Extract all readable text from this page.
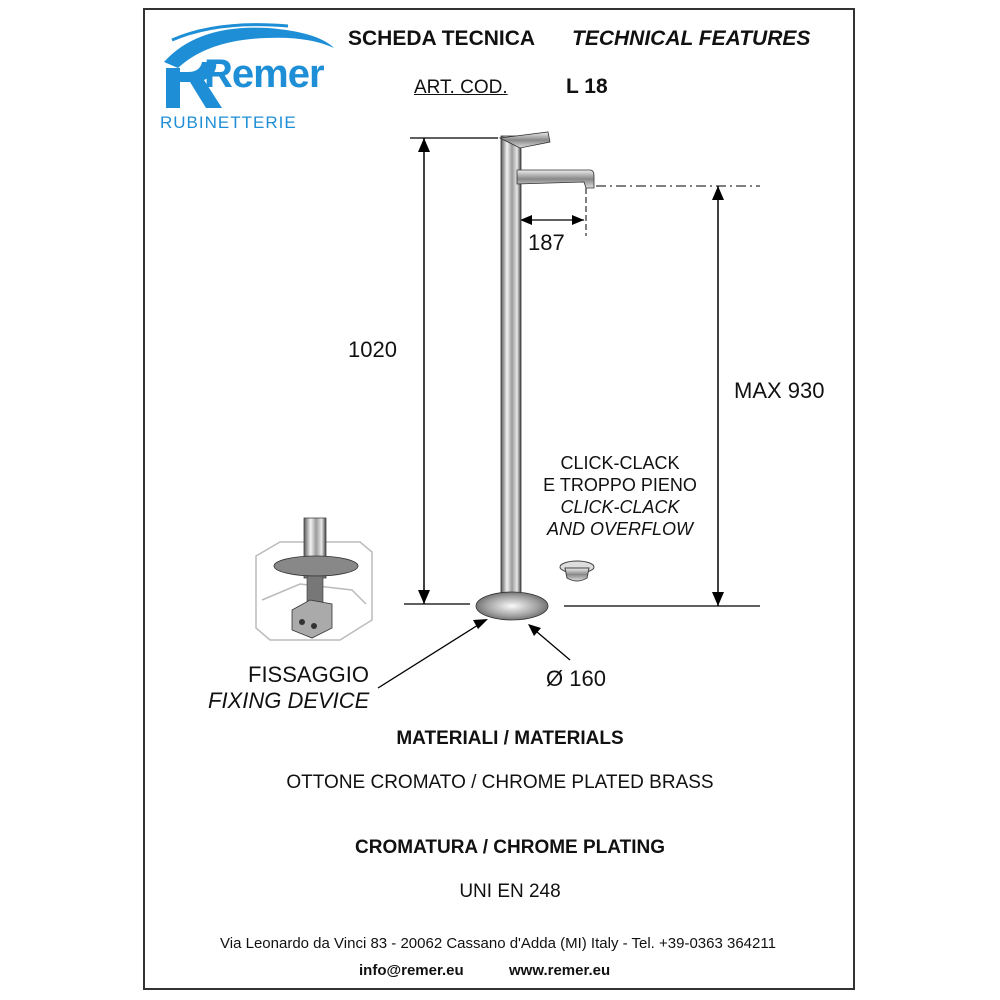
Remer
RUBINETTERIE
SCHEDA TECNICA TECHNICAL FEATURES
ART. COD.	L 18
1020
187
MAX 930
Ø 160
CLICK-CLACK
E TROPPO PIENO
CLICK-CLACK
AND OVERFLOW
FISSAGGIO
FIXING DEVICE
MATERIALI / MATERIALS
OTTONE CROMATO / CHROME PLATED BRASS
CROMATURA / CHROME PLATING
UNI EN 248
Via Leonardo da Vinci 83 - 20062 Cassano d'Adda (MI) Italy - Tel. +39-0363 364211
info@remer.eu	www.remer.eu
